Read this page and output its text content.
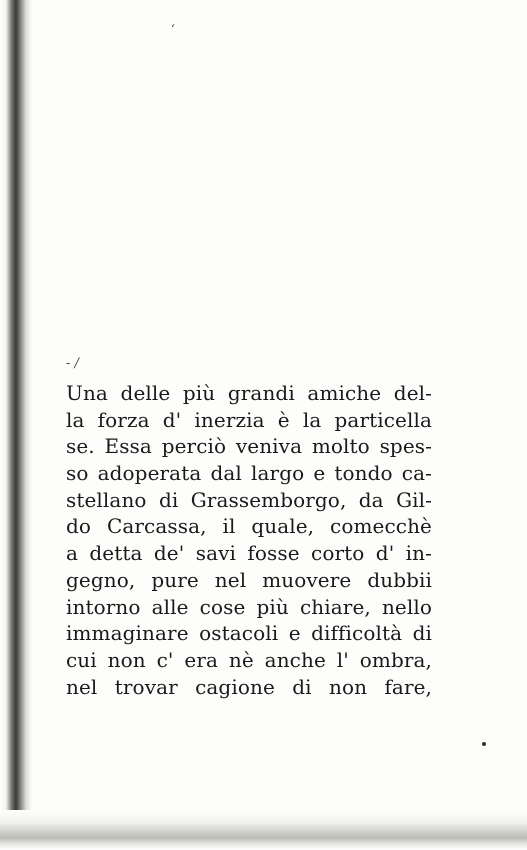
ʻ
- /
Una delle più grandi amiche del-
la forza d' inerzia è la particella
se. Essa perciò veniva molto spes-
so adoperata dal largo e tondo ca-
stellano di Grassemborgo, da Gil-
do Carcassa, il quale, comecchè
a detta de' savi fosse corto d' in-
gegno, pure nel muovere dubbii
intorno alle cose più chiare, nello
immaginare ostacoli e difficoltà di
cui non c' era nè anche l' ombra,
nel trovar cagione di non fare,
